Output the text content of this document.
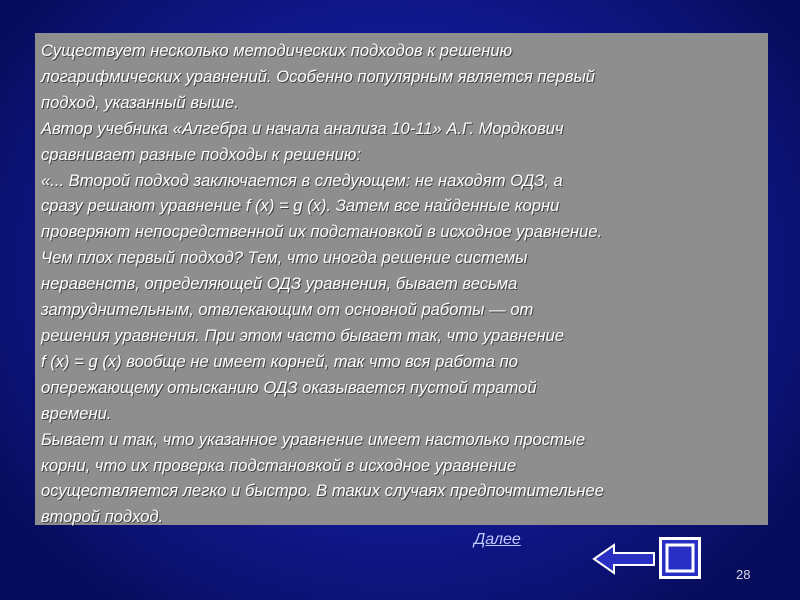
Существует несколько методических подходов к решению

логарифмических уравнений. Особенно популярным является первый

подход, указанный выше.

Автор учебника «Алгебра и начала анализа 10-11» А.Г. Мордкович

сравнивает разные подходы к решению:

«... Второй подход заключается в следующем: не находят ОДЗ, а

сразу решают уравнение f (x) = g (x). Затем все найденные корни

проверяют непосредственной их подстановкой в исходное уравнение.

Чем плох первый подход? Тем, что иногда решение системы

неравенств, определяющей ОДЗ уравнения, бывает весьма

затруднительным, отвлекающим от основной работы — от

решения уравнения. При этом часто бывает так, что уравнение

f (x) = g (x) вообще не имеет корней, так что вся работа по

опережающему отысканию ОДЗ оказывается пустой тратой

времени.

Бывает и так, что указанное уравнение имеет настолько простые

корни, что их проверка подстановкой в исходное уравнение

осуществляется легко и быстро. В таких случаях предпочтительнее

второй подход.

Далее
28
